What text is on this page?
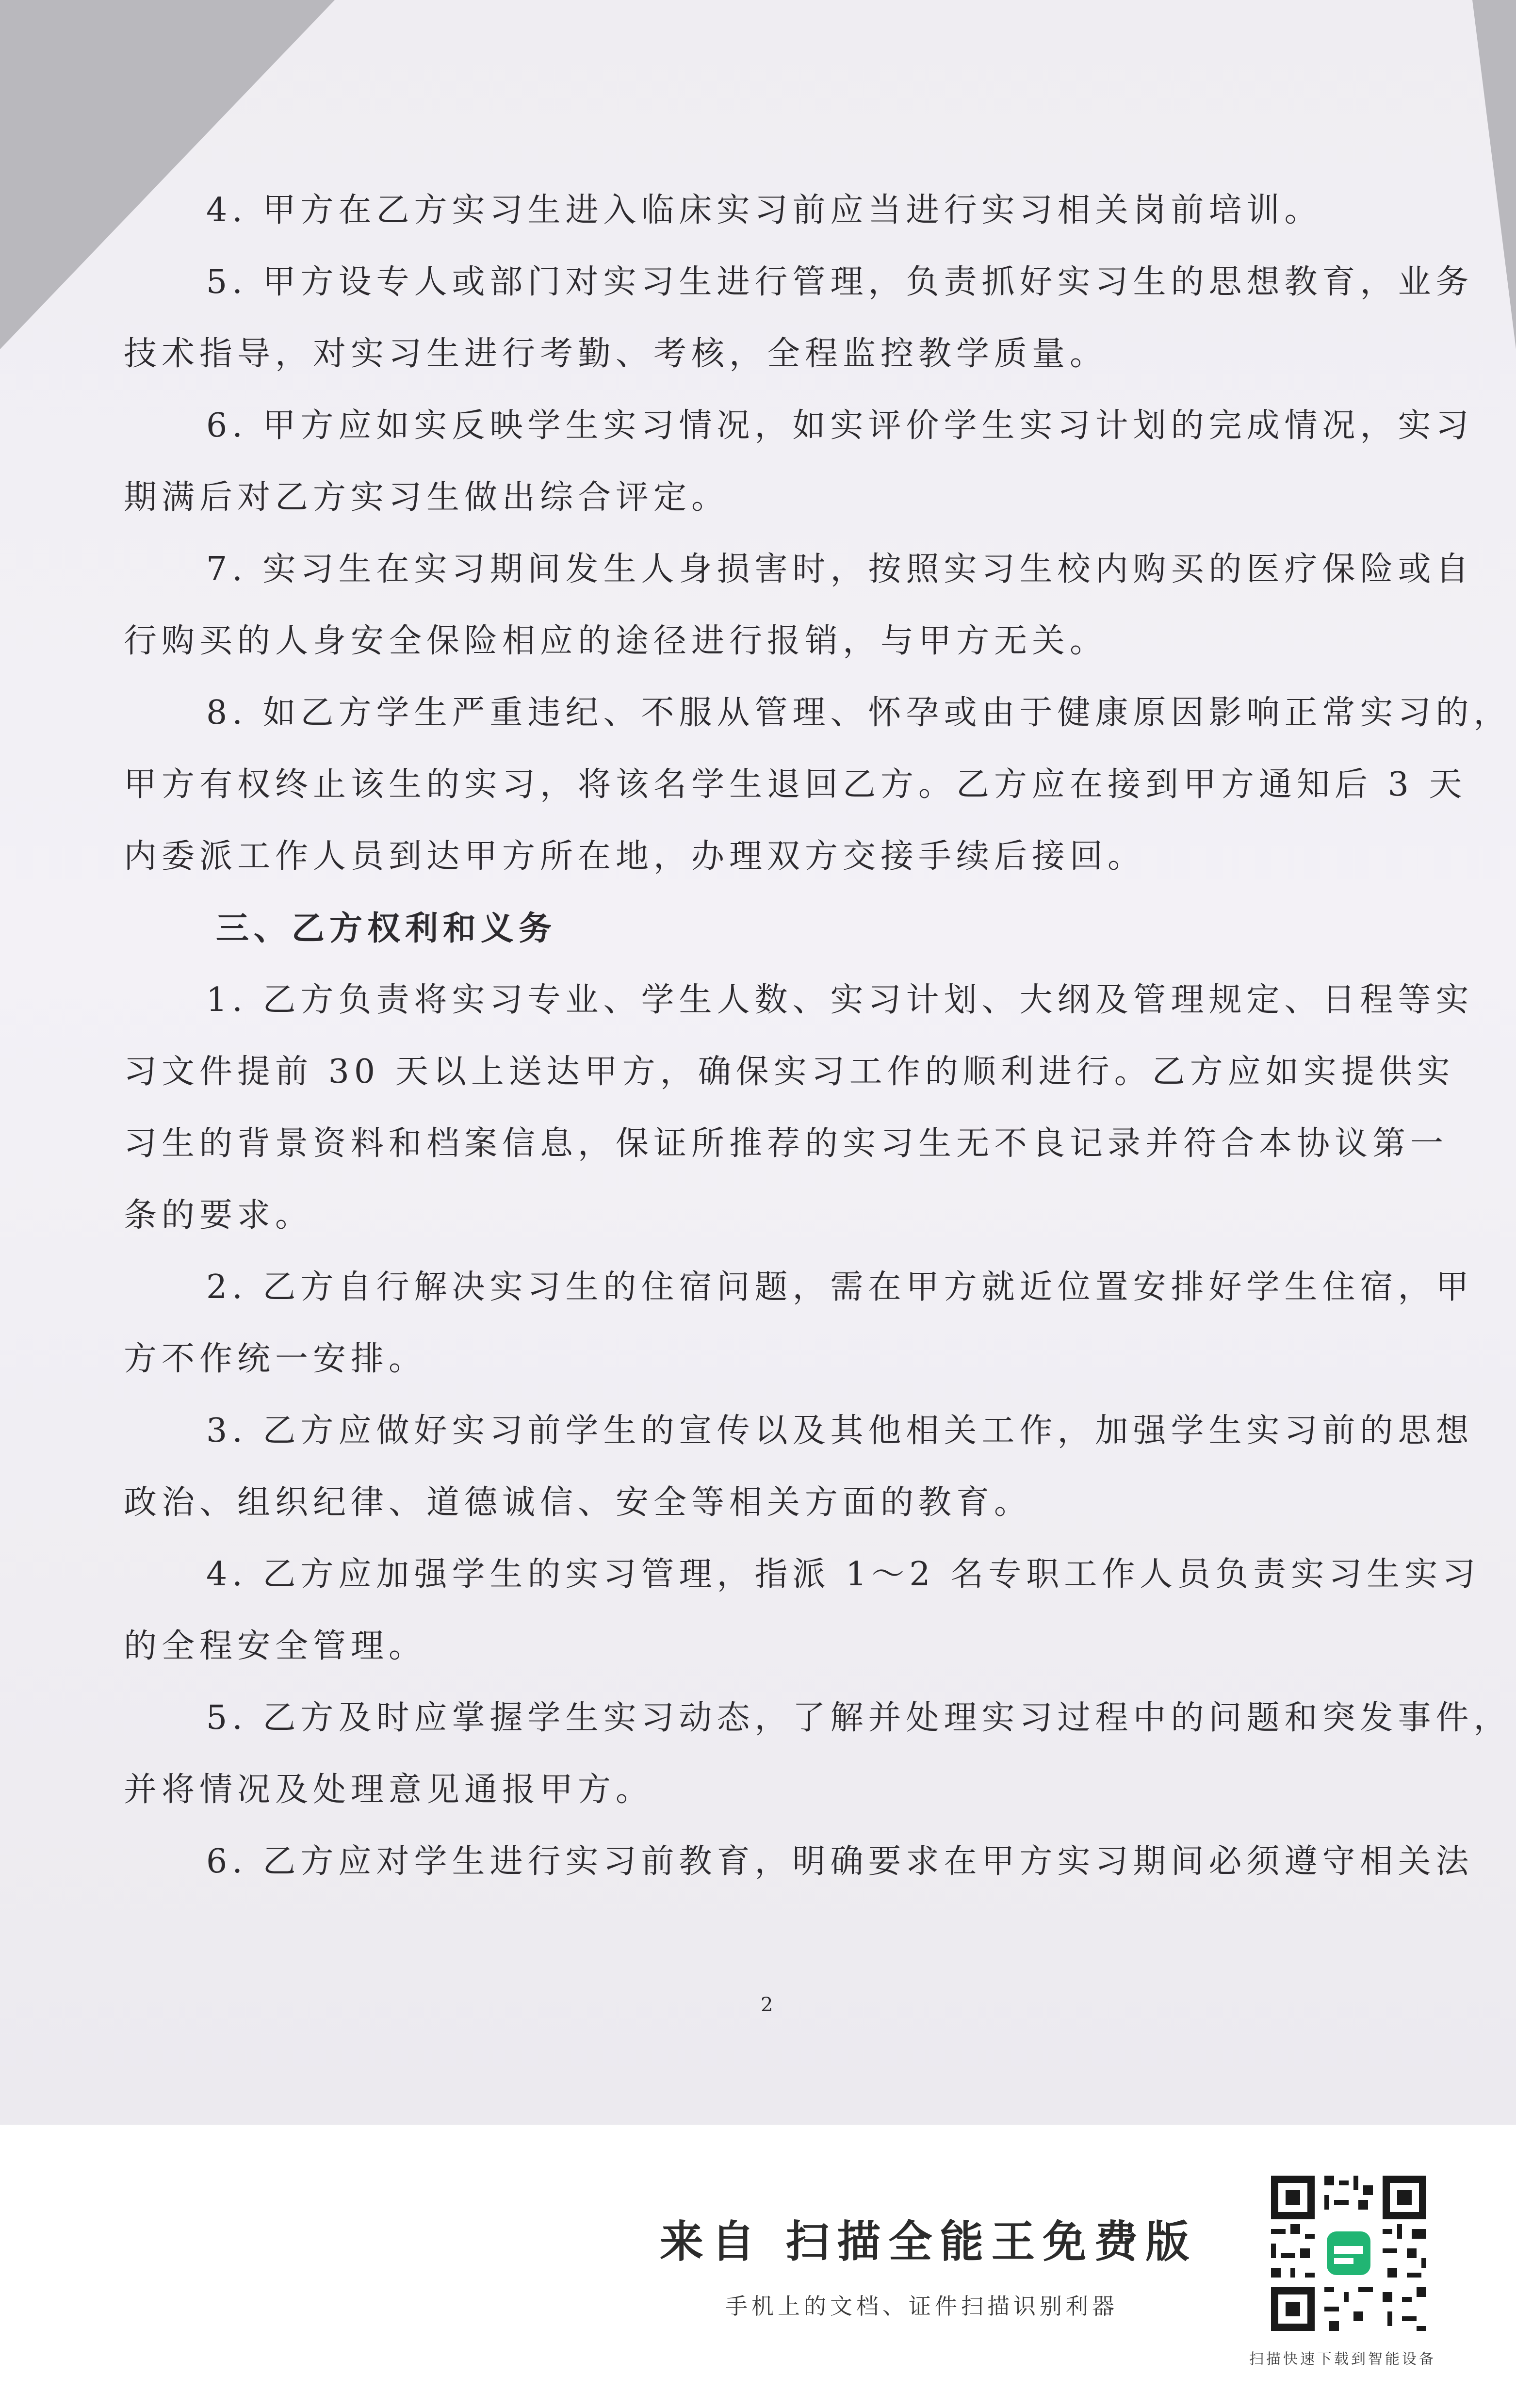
4. 甲方在乙方实习生进入临床实习前应当进行实习相关岗前培训。
5. 甲方设专人或部门对实习生进行管理，负责抓好实习生的思想教育，业务
技术指导，对实习生进行考勤、考核，全程监控教学质量。
6. 甲方应如实反映学生实习情况，如实评价学生实习计划的完成情况，实习
期满后对乙方实习生做出综合评定。
7. 实习生在实习期间发生人身损害时，按照实习生校内购买的医疗保险或自
行购买的人身安全保险相应的途径进行报销，与甲方无关。
8. 如乙方学生严重违纪、不服从管理、怀孕或由于健康原因影响正常实习的，
甲方有权终止该生的实习，将该名学生退回乙方。乙方应在接到甲方通知后 3 天
内委派工作人员到达甲方所在地，办理双方交接手续后接回。
三、乙方权利和义务
1. 乙方负责将实习专业、学生人数、实习计划、大纲及管理规定、日程等实
习文件提前 30 天以上送达甲方，确保实习工作的顺利进行。乙方应如实提供实
习生的背景资料和档案信息，保证所推荐的实习生无不良记录并符合本协议第一
条的要求。
2. 乙方自行解决实习生的住宿问题，需在甲方就近位置安排好学生住宿，甲
方不作统一安排。
3. 乙方应做好实习前学生的宣传以及其他相关工作，加强学生实习前的思想
政治、组织纪律、道德诚信、安全等相关方面的教育。
4. 乙方应加强学生的实习管理，指派 1～2 名专职工作人员负责实习生实习
的全程安全管理。
5. 乙方及时应掌握学生实习动态，了解并处理实习过程中的问题和突发事件，
并将情况及处理意见通报甲方。
6. 乙方应对学生进行实习前教育，明确要求在甲方实习期间必须遵守相关法
2
来自 扫描全能王免费版
手机上的文档、证件扫描识别利器
扫描快速下载到智能设备
